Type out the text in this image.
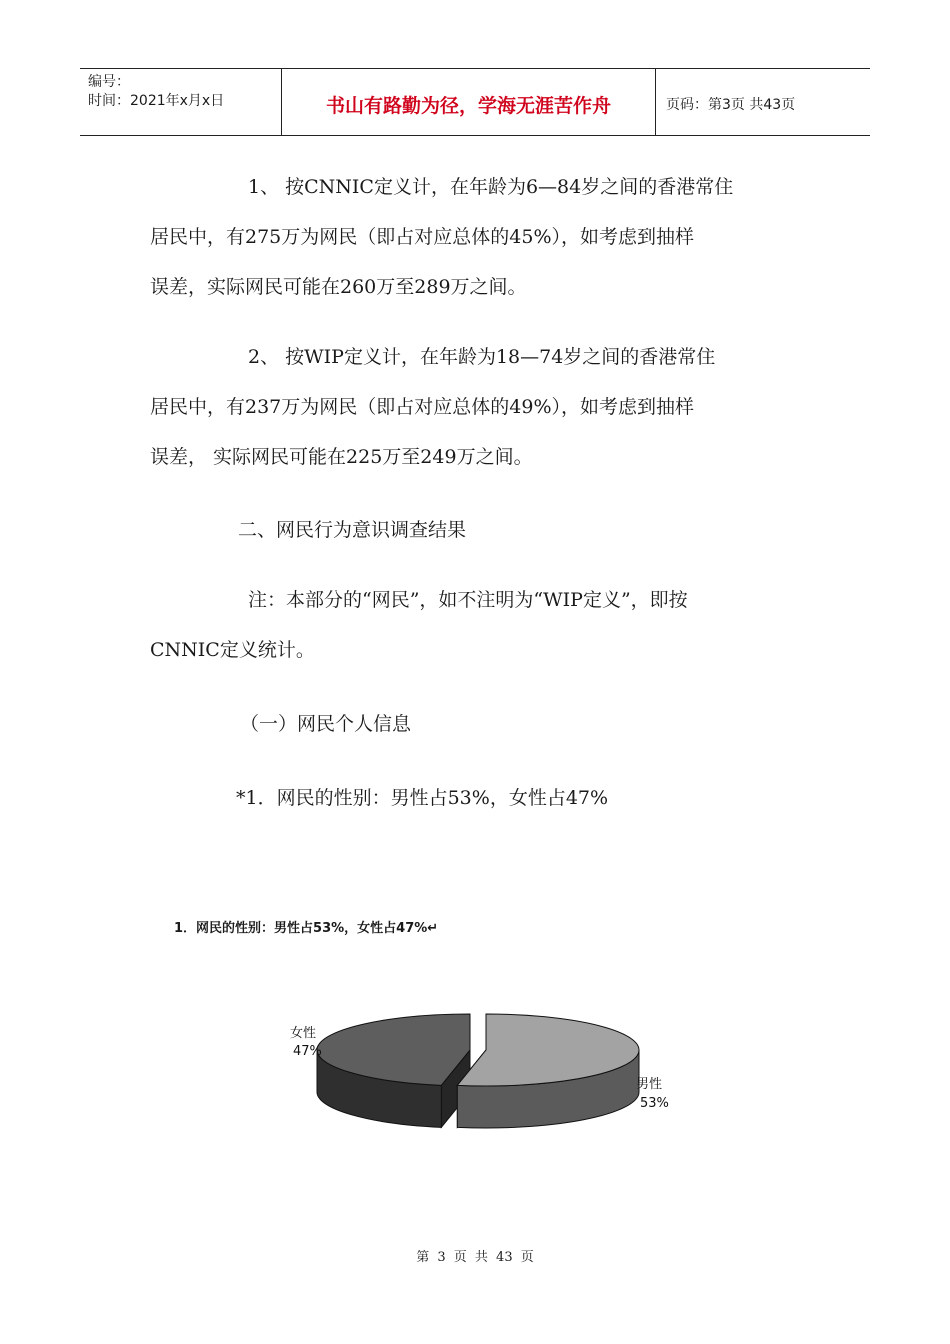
编号：
时间：2021年x月x日	书山有路勤为径，学海无涯苦作舟	页码：第3页 共43页
1、 按CNNIC定义计，在年龄为6—84岁之间的香港常住
居民中，有275万为网民（即占对应总体的45%），如考虑到抽样
误差，实际网民可能在260万至289万之间。
2、 按WIP定义计，在年龄为18—74岁之间的香港常住
居民中，有237万为网民（即占对应总体的49%），如考虑到抽样
误差， 实际网民可能在225万至249万之间。
二、网民行为意识调查结果
注：本部分的“网民”，如不注明为“WIP定义”，即按
CNNIC定义统计。
（一）网民个人信息
*1．网民的性别：男性占53%，女性占47%
1．网民的性别：男性占53%，女性占47%↵
女性
47%
男性
53%
第 3 页 共 43 页
